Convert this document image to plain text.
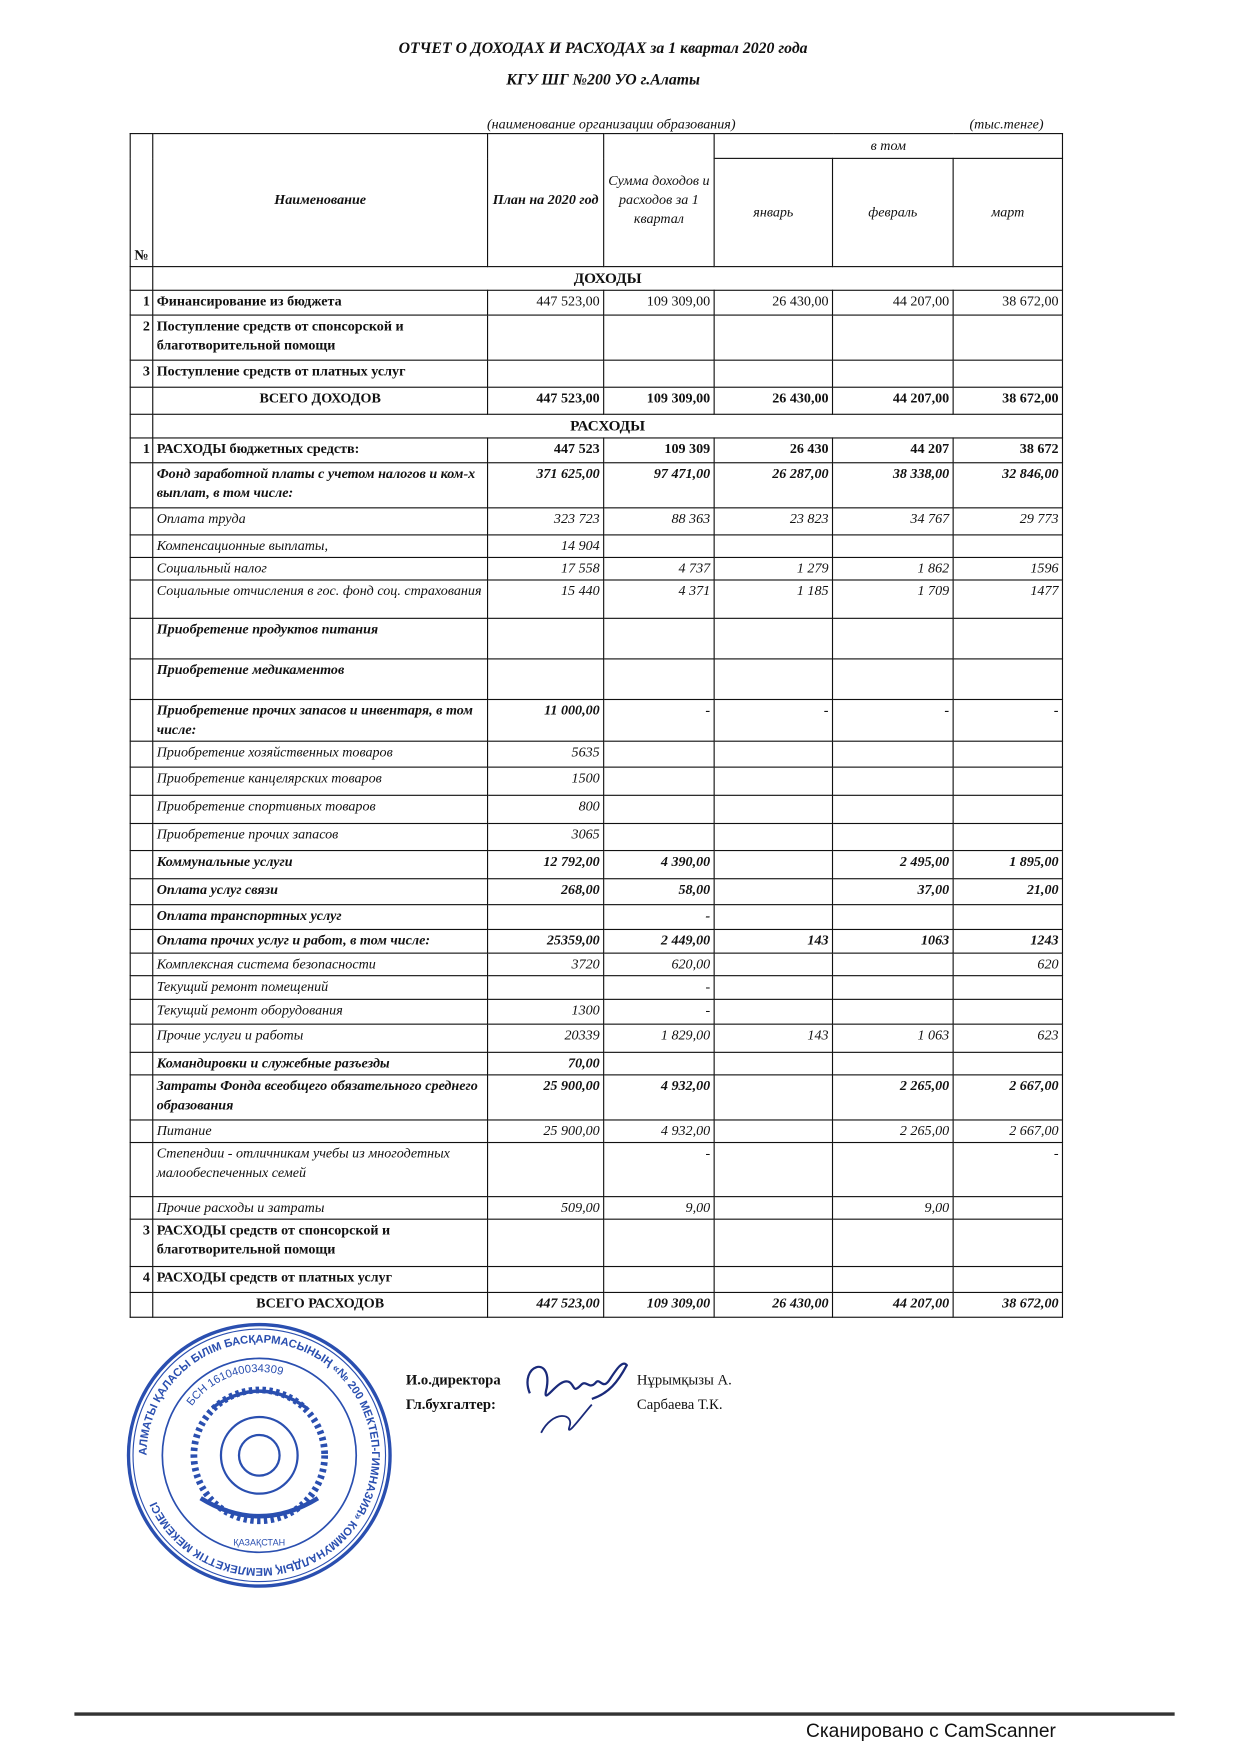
ОТЧЕТ О ДОХОДАХ И РАСХОДАХ за 1 квартал 2020 года
КГУ ШГ №200 УО г.Алаты
(наименование организации образования)	(тыс.тенге)
№	Наименование	План на 2020 год	Сумма доходов и расходов за 1 квартал	в том		
				январь	февраль	март
	ДОХОДЫ					
1	Финансирование из бюджета	447 523,00	109 309,00	26 430,00	44 207,00	38 672,00
2	Поступление средств от спонсорской и благотворительной помощи					
3	Поступление средств от платных услуг					
	ВСЕГО ДОХОДОВ	447 523,00	109 309,00	26 430,00	44 207,00	38 672,00
	РАСХОДЫ					
1	РАСХОДЫ бюджетных средств:	447 523	109 309	26 430	44 207	38 672
	Фонд заработной платы с учетом налогов и ком-х выплат, в том числе:	371 625,00	97 471,00	26 287,00	38 338,00	32 846,00
	Оплата труда	323 723	88 363	23 823	34 767	29 773
	Компенсационные выплаты,	14 904				
	Социальный налог	17 558	4 737	1 279	1 862	1596
	Социальные отчисления в гос. фонд соц. страхования	15 440	4 371	1 185	1 709	1477
	Приобретение продуктов питания					
	Приобретение медикаментов					
	Приобретение прочих запасов и инвентаря, в том числе:	11 000,00	-	-	-	-
	Приобретение хозяйственных товаров	5635				
	Приобретение канцелярских товаров	1500				
	Приобретение спортивных товаров	800				
	Приобретение прочих запасов	3065				
	Коммунальные услуги	12 792,00	4 390,00		2 495,00	1 895,00
	Оплата услуг связи	268,00	58,00		37,00	21,00
	Оплата транспортных услуг		-			
	Оплата прочих услуг и работ, в том числе:	25359,00	2 449,00	143	1063	1243
	Комплексная система безопасности	3720	620,00			620
	Текущий ремонт помещений		-			
	Текущий ремонт оборудования	1300	-			
	Прочие услуги и работы	20339	1 829,00	143	1 063	623
	Командировки и служебные разъезды	70,00				
	Затраты Фонда всеобщего обязательного среднего образования	25 900,00	4 932,00		2 265,00	2 667,00
	Питание	25 900,00	4 932,00		2 265,00	2 667,00
	Степендии - отличникам учебы из многодетных малообеспеченных семей		-			-
	Прочие расходы и затраты	509,00	9,00		9,00	
3	РАСХОДЫ средств от спонсорской и благотворительной помощи					
4	РАСХОДЫ средств от платных услуг					
	ВСЕГО РАСХОДОВ	447 523,00	109 309,00	26 430,00	44 207,00	38 672,00
АЛМАТЫ ҚАЛАСЫ БІЛІМ БАСҚАРМАСЫНЫҢ «№ 200 МЕКТЕП-ГИМНАЗИЯ» КОММУНАЛДЫҚ МЕМЛЕКЕТТІК МЕКЕМЕСІ
БСН 161040034309
ҚАЗАҚСТАН
И.о.директора
Гл.бухгалтер:
Нұрымқызы А.
Сарбаева Т.К.
Сканировано с CamScanner
